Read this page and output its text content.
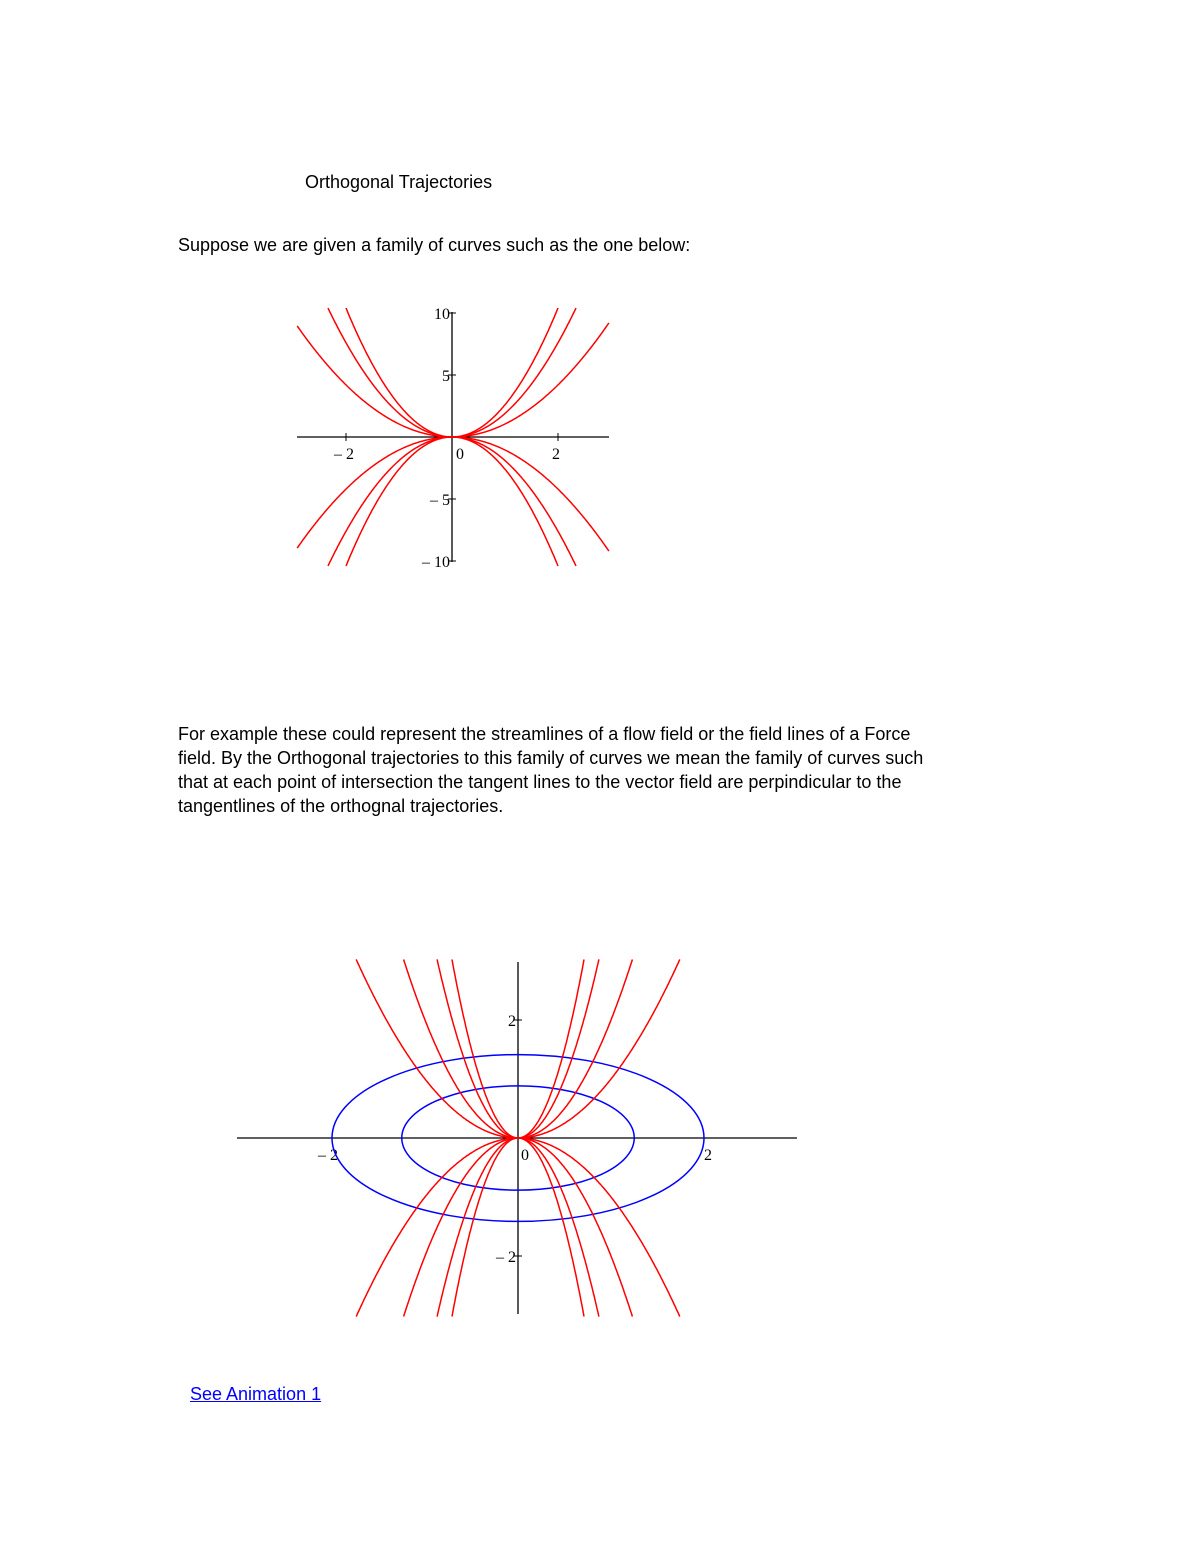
Orthogonal Trajectories
Suppose we are given a family of curves such as the one below:
– 2	0	2
10
5
– 5
– 10
For example these could represent the streamlines of a flow field or the field lines of a Force
field. By the Orthogonal trajectories to this family of curves we mean the family of curves such
that at each point of intersection the tangent lines to the vector field are perpindicular to the
tangentlines of the orthognal trajectories.
– 2	0	2
2
– 2
See Animation 1
